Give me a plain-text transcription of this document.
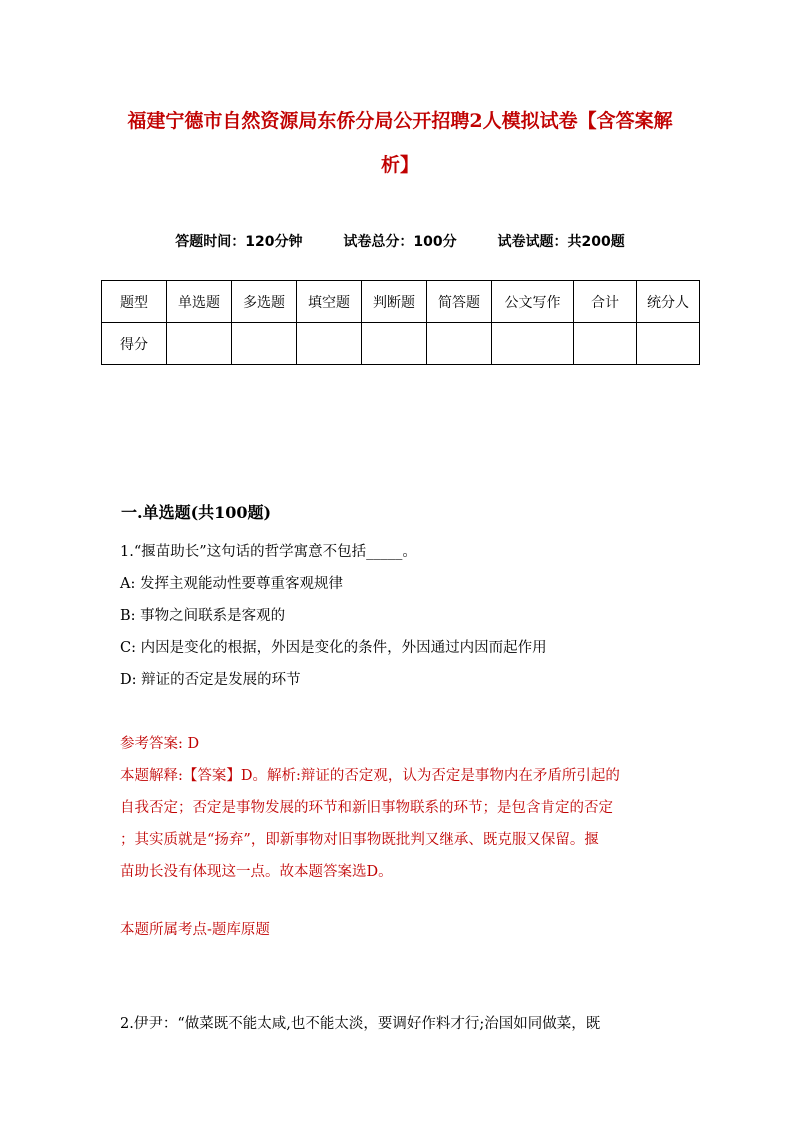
福建宁德市自然资源局东侨分局公开招聘2人模拟试卷【含答案解
析】
答题时间：120分钟	试卷总分：100分	试卷试题：共200题
题型	单选题	多选题	填空题	判断题	简答题	公文写作	合计	统分人
得分								
一.单选题(共100题)
1.“揠苗助长”这句话的哲学寓意不包括_____。
A: 发挥主观能动性要尊重客观规律
B: 事物之间联系是客观的
C: 内因是变化的根据，外因是变化的条件，外因通过内因而起作用
D: 辩证的否定是发展的环节
参考答案: D
本题解释:【答案】D。解析:辩证的否定观，认为否定是事物内在矛盾所引起的
自我否定；否定是事物发展的环节和新旧事物联系的环节；是包含肯定的否定
；其实质就是“扬弃”，即新事物对旧事物既批判又继承、既克服又保留。揠
苗助长没有体现这一点。故本题答案选D。
本题所属考点-题库原题
2.伊尹：“做菜既不能太咸,也不能太淡，要调好作料才行;治国如同做菜，既
